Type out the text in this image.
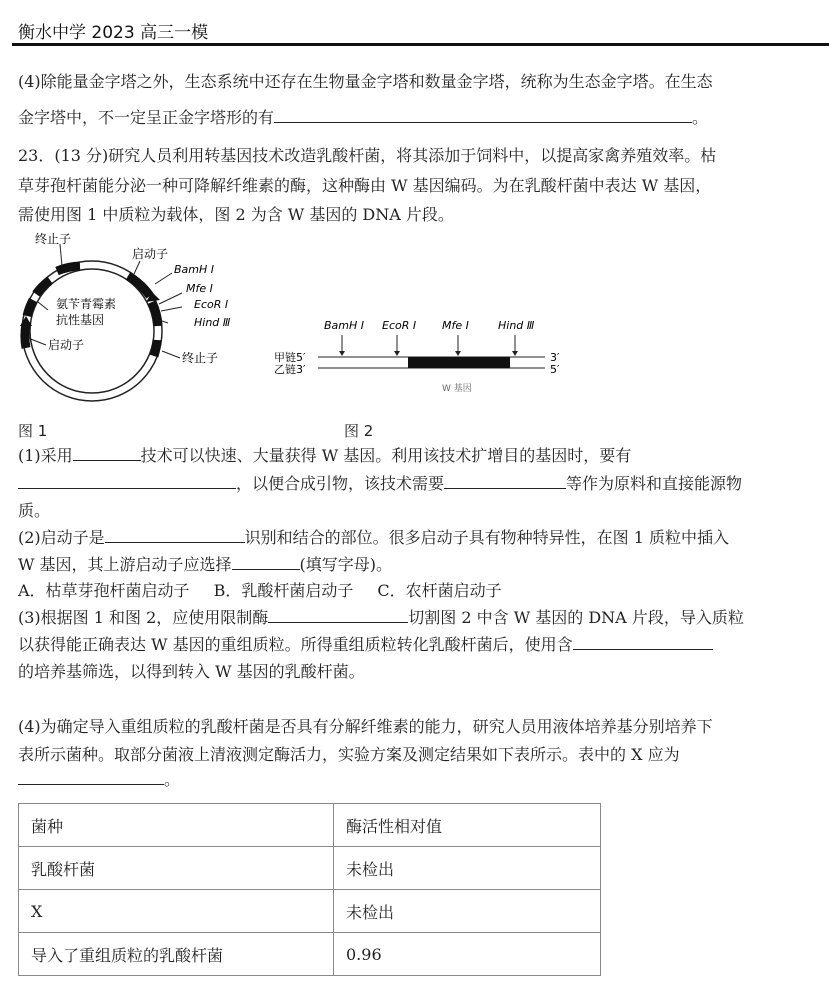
衡水中学 2023 高三一模
(4)除能量金字塔之外，生态系统中还存在生物量金字塔和数量金字塔，统称为生态金字塔。在生态
金字塔中，不一定呈正金字塔形的有	。
23．(13 分)研究人员利用转基因技术改造乳酸杆菌，将其添加于饲料中，以提高家禽养殖效率。枯
草芽孢杆菌能分泌一种可降解纤维素的酶，这种酶由 W 基因编码。为在乳酸杆菌中表达 W 基因，
需使用图 1 中质粒为载体，图 2 为含 W 基因的 DNA 片段。
终止子
启动子
BamH I
Mfe I
EcoR I
Hind Ⅲ
氨苄青霉素
抗性基因
启动子
终止子
图 1
BamH I EcoR I Mfe I	Hind Ⅲ
甲链5′
乙链3′
3′
5′
W 基因
图 2
(1)采用	技术可以快速、大量获得 W 基因。利用该技术扩增目的基因时，要有
，以便合成引物，该技术需要	等作为原料和直接能源物
质。
(2)启动子是	识别和结合的部位。很多启动子具有物种特异性，在图 1 质粒中插入
W 基因，其上游启动子应选择	(填写字母)。
A．枯草芽孢杆菌启动子 B．乳酸杆菌启动子 C．农杆菌启动子
(3)根据图 1 和图 2，应使用限制酶	切割图 2 中含 W 基因的 DNA 片段，导入质粒
以获得能正确表达 W 基因的重组质粒。所得重组质粒转化乳酸杆菌后，使用含
的培养基筛选，以得到转入 W 基因的乳酸杆菌。
(4)为确定导入重组质粒的乳酸杆菌是否具有分解纤维素的能力，研究人员用液体培养基分别培养下
表所示菌种。取部分菌液上清液测定酶活力，实验方案及测定结果如下表所示。表中的 X 应为
。
菌种	酶活性相对值
乳酸杆菌	未检出
X	未检出
导入了重组质粒的乳酸杆菌	0.96
